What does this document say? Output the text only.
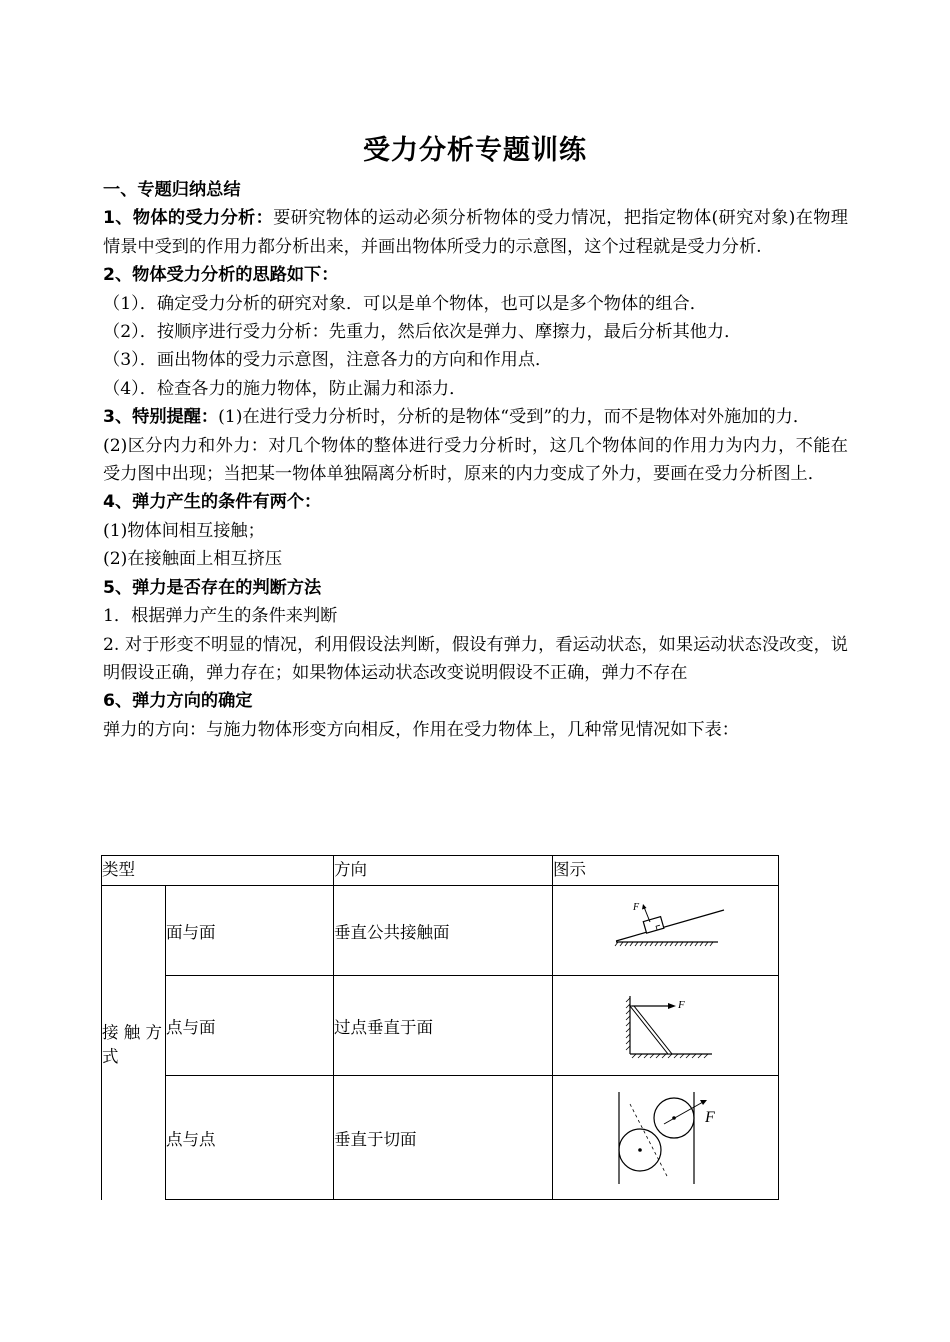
受力分析专题训练

一、专题归纳总结

1、物体的受力分析：要研究物体的运动必须分析物体的受力情况，把指定物体(研究对象)在物理情景中受到的作用力都分析出来，并画出物体所受力的示意图，这个过程就是受力分析.

2、物体受力分析的思路如下：

（1）．确定受力分析的研究对象．可以是单个物体，也可以是多个物体的组合．

（2）．按顺序进行受力分析：先重力，然后依次是弹力、摩擦力，最后分析其他力．

（3）．画出物体的受力示意图，注意各力的方向和作用点．

（4）．检查各力的施力物体，防止漏力和添力．

3、特别提醒：(1)在进行受力分析时，分析的是物体“受到”的力，而不是物体对外施加的力．

(2)区分内力和外力：对几个物体的整体进行受力分析时，这几个物体间的作用力为内力，不能在受力图中出现；当把某一物体单独隔离分析时，原来的内力变成了外力，要画在受力分析图上．

4、弹力产生的条件有两个：

(1)物体间相互接触；

(2)在接触面上相互挤压

5、弹力是否存在的判断方法

1．根据弹力产生的条件来判断

2. 对于形变不明显的情况，利用假设法判断，假设有弹力，看运动状态，如果运动状态没改变，说明假设正确，弹力存在；如果物体运动状态改变说明假设不正确，弹力不存在

6、弹力方向的确定

弹力的方向：与施力物体形变方向相反，作用在受力物体上，几种常见情况如下表：

类型		方向	图示
接 触 方式	面与面	垂直公共接触面	F

	点与面	过点垂直于面	F

	点与点	垂直于切面	F
